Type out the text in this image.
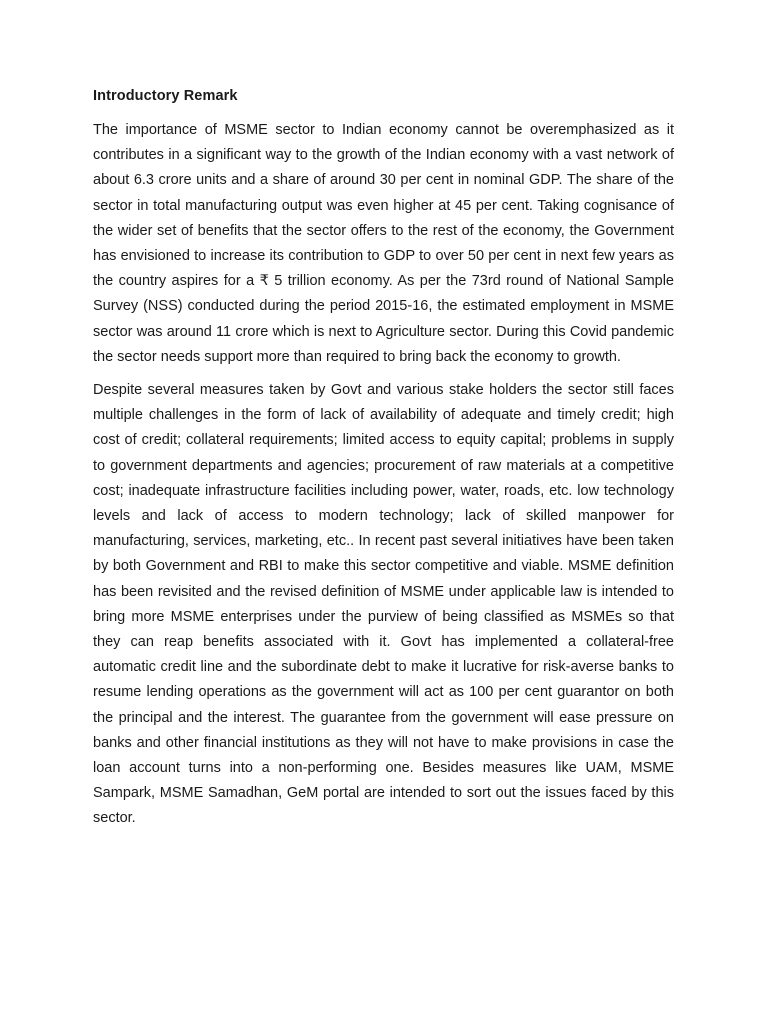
Introductory Remark

The importance of MSME sector to Indian economy cannot be overemphasized as it contributes in a significant way to the growth of the Indian economy with a vast network of about 6.3 crore units and a share of around 30 per cent in nominal GDP. The share of the sector in total manufacturing output was even higher at 45 per cent. Taking cognisance of the wider set of benefits that the sector offers to the rest of the economy, the Government has envisioned to increase its contribution to GDP to over 50 per cent in next few years as the country aspires for a ₹ 5 trillion economy. As per the 73rd round of National Sample Survey (NSS) conducted during the period 2015-16, the estimated employment in MSME sector was around 11 crore which is next to Agriculture sector. During this Covid pandemic the sector needs support more than required to bring back the economy to growth.

Despite several measures taken by Govt and various stake holders the sector still faces multiple challenges in the form of lack of availability of adequate and timely credit; high cost of credit; collateral requirements; limited access to equity capital; problems in supply to government departments and agencies; procurement of raw materials at a competitive cost; inadequate infrastructure facilities including power, water, roads, etc. low technology levels and lack of access to modern technology; lack of skilled manpower for manufacturing, services, marketing, etc.. In recent past several initiatives have been taken by both Government and RBI to make this sector competitive and viable. MSME definition has been revisited and the revised definition of MSME under applicable law is intended to bring more MSME enterprises under the purview of being classified as MSMEs so that they can reap benefits associated with it. Govt has implemented a collateral-free automatic credit line and the subordinate debt to make it lucrative for risk-averse banks to resume lending operations as the government will act as 100 per cent guarantor on both the principal and the interest. The guarantee from the government will ease pressure on banks and other financial institutions as they will not have to make provisions in case the loan account turns into a non-performing one. Besides measures like UAM, MSME Sampark, MSME Samadhan, GeM portal are intended to sort out the issues faced by this sector.
